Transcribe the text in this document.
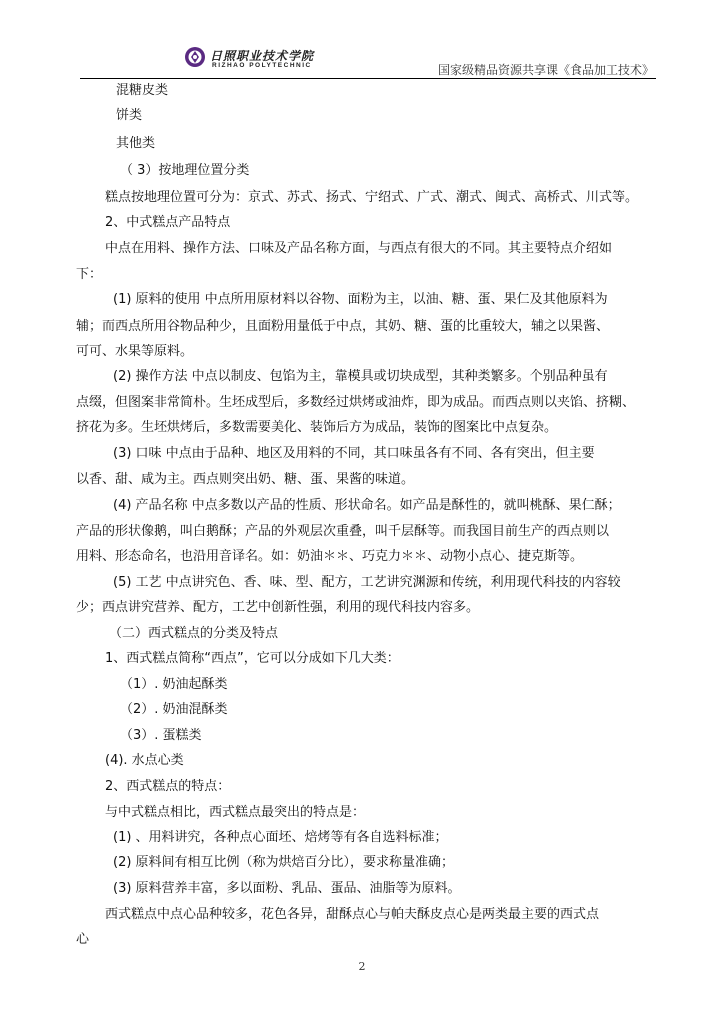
日照职业技术学院
RIZHAO POLYTECHNIC	国家级精品资源共享课《食品加工技术》
混糖皮类
饼类
其他类
（ 3）按地理位置分类
糕点按地理位置可分为：京式、苏式、扬式、宁绍式、广式、潮式、闽式、高桥式、川式等。
2、中式糕点产品特点
中点在用料、操作方法、口味及产品名称方面，与西点有很大的不同。其主要特点介绍如
下：
(1) 原料的使用 中点所用原材料以谷物、面粉为主，以油、糖、蛋、果仁及其他原料为
辅；而西点所用谷物品种少，且面粉用量低于中点，其奶、糖、蛋的比重较大，辅之以果酱、
可可、水果等原料。
(2) 操作方法 中点以制皮、包馅为主，靠模具或切块成型，其种类繁多。个别品种虽有
点缀，但图案非常简朴。生坯成型后，多数经过烘烤或油炸，即为成品。而西点则以夹馅、挤糊、
挤花为多。生坯烘烤后，多数需要美化、装饰后方为成品，装饰的图案比中点复杂。
(3) 口味 中点由于品种、地区及用料的不同，其口味虽各有不同、各有突出，但主要
以香、甜、咸为主。西点则突出奶、糖、蛋、果酱的味道。
(4) 产品名称 中点多数以产品的性质、形状命名。如产品是酥性的，就叫桃酥、果仁酥；
产品的形状像鹅，叫白鹅酥；产品的外观层次重叠，叫千层酥等。而我国目前生产的西点则以
用料、形态命名，也沿用音译名。如：奶油＊＊、巧克力＊＊、动物小点心、捷克斯等。
(5) 工艺 中点讲究色、香、味、型、配方，工艺讲究渊源和传统，利用现代科技的内容较
少；西点讲究营养、配方，工艺中创新性强，利用的现代科技内容多。
（二）西式糕点的分类及特点
1、西式糕点简称“西点”，它可以分成如下几大类：
（1）. 奶油起酥类
（2）. 奶油混酥类
（3）. 蛋糕类
(4). 水点心类
2、西式糕点的特点：
与中式糕点相比，西式糕点最突出的特点是：
(1) 、用料讲究，各种点心面坯、焙烤等有各自选料标准；
(2) 原料间有相互比例（称为烘焙百分比），要求称量准确；
(3) 原料营养丰富，多以面粉、乳品、蛋品、油脂等为原料。
西式糕点中点心品种较多，花色各异，甜酥点心与帕夫酥皮点心是两类最主要的西式点
心
2
